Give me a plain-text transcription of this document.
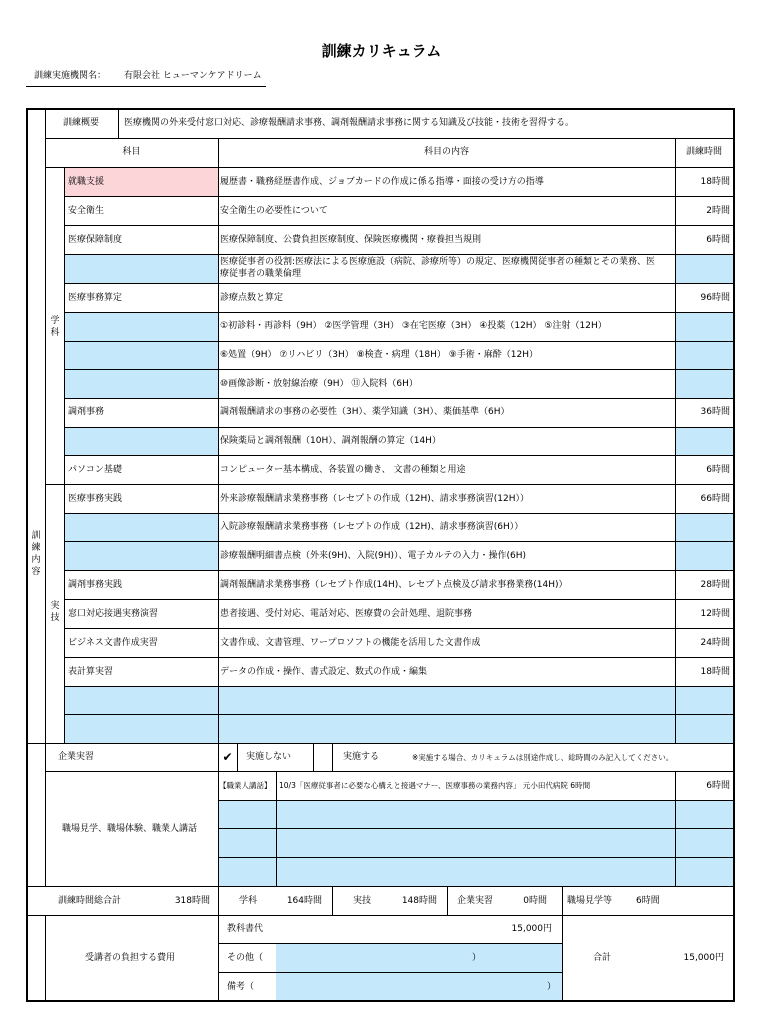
訓練カリキュラム
訓練実施機関名： 有限会社 ヒューマンケアドリーム
訓練概要	医療機関の外来受付窓口対応、診療報酬請求事務、調剤報酬請求事務に関する知識及び技能・技術を習得する。
科目	科目の内容	訓練時間
訓練内容
学科
実技
就職支援	履歴書・職務経歴書作成、ジョブカードの作成に係る指導・面接の受け方の指導	18時間
安全衛生	安全衛生の必要性について	2時間
医療保障制度	医療保障制度、公費負担医療制度、保険医療機関・療養担当規則	6時間
医療従事者の役割:医療法による医療施設（病院、診療所等）の規定、医療機関従事者の種類とその業務、医
療従事者の職業倫理
医療事務算定	診療点数と算定	96時間
①初診料・再診料（9H） ②医学管理（3H） ③在宅医療（3H） ④投薬（12H） ⑤注射（12H）
⑥処置（9H） ⑦リハビリ（3H） ⑧検査・病理（18H） ⑨手術・麻酔（12H）
⑩画像診断・放射線治療（9H） ⑪入院料（6H）
調剤事務	調剤報酬請求の事務の必要性（3H）、薬学知識（3H）、薬価基準（6H）	36時間
保険薬局と調剤報酬（10H）、調剤報酬の算定（14H）
パソコン基礎	コンピューター基本構成、各装置の働き、 文書の種類と用途	6時間
医療事務実践	外来診療報酬請求業務事務（レセプトの作成（12H)、請求事務演習(12H））	66時間
入院診療報酬請求業務事務（レセプトの作成（12H)、請求事務演習(6H））
診療報酬明細書点検（外来(9H)、入院(9H)）、電子カルテの入力・操作(6H)
調剤事務実践	調剤報酬請求業務事務（レセプト作成(14H)、レセプト点検及び請求事務業務(14H)）	28時間
窓口対応接遇実務演習	患者接遇、受付対応、電話対応、医療費の会計処理、退院事務	12時間
ビジネス文書作成実習	文書作成、文書管理、ワープロソフトの機能を活用した文書作成	24時間
表計算実習	データの作成・操作、書式設定、数式の作成・編集	18時間
企業実習	✔	実施しない	実施する	※実施する場合、カリキュラムは別途作成し、総時間のみ記入してください。
職場見学、職場体験、職業人講話
【職業人講話】 10/3「医療従事者に必要な心構えと接遇マナー、医療事務の業務内容」 元小田代病院 6時間	6時間
訓練時間総合計	318時間	学科	164時間	実技	148時間 企業実習	0時間 職場見学等	6時間
受講者の負担する費用
教科書代	15,000円
その他（	）
備考（	）
合計	15,000円
